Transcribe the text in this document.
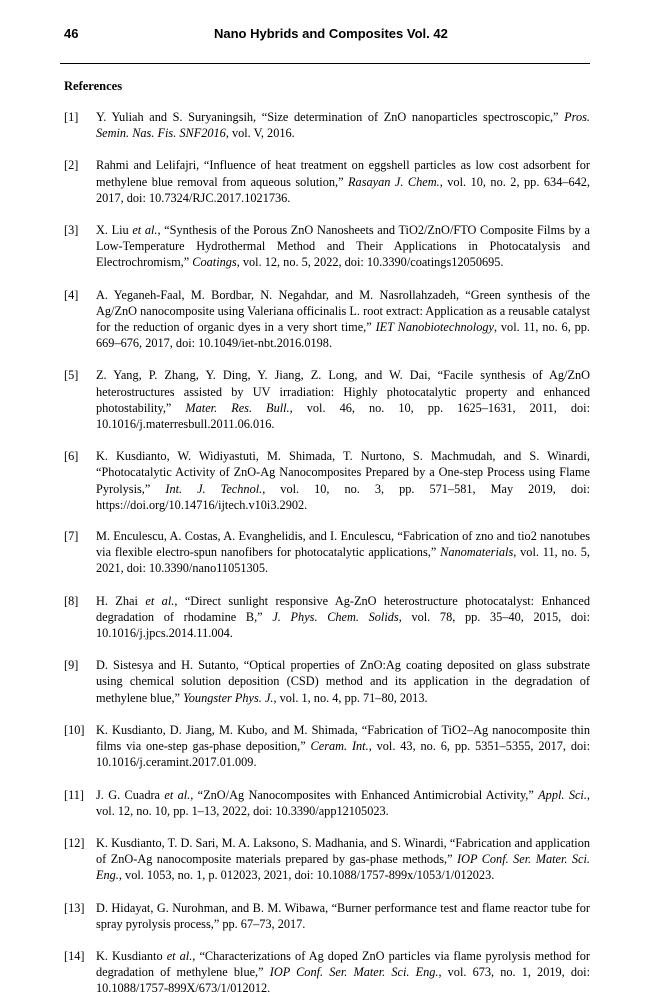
46	Nano Hybrids and Composites Vol. 42
References
[1]	Y. Yuliah and S. Suryaningsih, “Size determination of ZnO nanoparticles spectroscopic,” Pros. Semin. Nas. Fis. SNF2016, vol. V, 2016.
[2]	Rahmi and Lelifajri, “Influence of heat treatment on eggshell particles as low cost adsorbent for methylene blue removal from aqueous solution,” Rasayan J. Chem., vol. 10, no. 2, pp. 634–642, 2017, doi: 10.7324/RJC.2017.1021736.
[3]	X. Liu et al., “Synthesis of the Porous ZnO Nanosheets and TiO2/ZnO/FTO Composite Films by a Low-Temperature Hydrothermal Method and Their Applications in Photocatalysis and Electrochromism,” Coatings, vol. 12, no. 5, 2022, doi: 10.3390/coatings12050695.
[4]	A. Yeganeh-Faal, M. Bordbar, N. Negahdar, and M. Nasrollahzadeh, “Green synthesis of the Ag/ZnO nanocomposite using Valeriana officinalis L. root extract: Application as a reusable catalyst for the reduction of organic dyes in a very short time,” IET Nanobiotechnology, vol. 11, no. 6, pp. 669–676, 2017, doi: 10.1049/iet-nbt.2016.0198.
[5]	Z. Yang, P. Zhang, Y. Ding, Y. Jiang, Z. Long, and W. Dai, “Facile synthesis of Ag/ZnO heterostructures assisted by UV irradiation: Highly photocatalytic property and enhanced photostability,” Mater. Res. Bull., vol. 46, no. 10, pp. 1625–1631, 2011, doi: 10.1016/j.materresbull.2011.06.016.
[6]	K. Kusdianto, W. Widiyastuti, M. Shimada, T. Nurtono, S. Machmudah, and S. Winardi, “Photocatalytic Activity of ZnO-Ag Nanocomposites Prepared by a One-step Process using Flame Pyrolysis,” Int. J. Technol., vol. 10, no. 3, pp. 571–581, May 2019, doi: https://doi.org/10.14716/ijtech.v10i3.2902.
[7]	M. Enculescu, A. Costas, A. Evanghelidis, and I. Enculescu, “Fabrication of zno and tio2 nanotubes via flexible electro-spun nanofibers for photocatalytic applications,” Nanomaterials, vol. 11, no. 5, 2021, doi: 10.3390/nano11051305.
[8]	H. Zhai et al., “Direct sunlight responsive Ag-ZnO heterostructure photocatalyst: Enhanced degradation of rhodamine B,” J. Phys. Chem. Solids, vol. 78, pp. 35–40, 2015, doi: 10.1016/j.jpcs.2014.11.004.
[9]	D. Sistesya and H. Sutanto, “Optical properties of ZnO:Ag coating deposited on glass substrate using chemical solution deposition (CSD) method and its application in the degradation of methylene blue,” Youngster Phys. J., vol. 1, no. 4, pp. 71–80, 2013.
[10] K. Kusdianto, D. Jiang, M. Kubo, and M. Shimada, “Fabrication of TiO2–Ag nanocomposite thin films via one-step gas-phase deposition,” Ceram. Int., vol. 43, no. 6, pp. 5351–5355, 2017, doi: 10.1016/j.ceramint.2017.01.009.
[11] J. G. Cuadra et al., “ZnO/Ag Nanocomposites with Enhanced Antimicrobial Activity,” Appl. Sci., vol. 12, no. 10, pp. 1–13, 2022, doi: 10.3390/app12105023.
[12] K. Kusdianto, T. D. Sari, M. A. Laksono, S. Madhania, and S. Winardi, “Fabrication and application of ZnO-Ag nanocomposite materials prepared by gas-phase methods,” IOP Conf. Ser. Mater. Sci. Eng., vol. 1053, no. 1, p. 012023, 2021, doi: 10.1088/1757-899x/1053/1/012023.
[13] D. Hidayat, G. Nurohman, and B. M. Wibawa, “Burner performance test and flame reactor tube for spray pyrolysis process,” pp. 67–73, 2017.
[14] K. Kusdianto et al., “Characterizations of Ag doped ZnO particles via flame pyrolysis method for degradation of methylene blue,” IOP Conf. Ser. Mater. Sci. Eng., vol. 673, no. 1, 2019, doi: 10.1088/1757-899X/673/1/012012.
